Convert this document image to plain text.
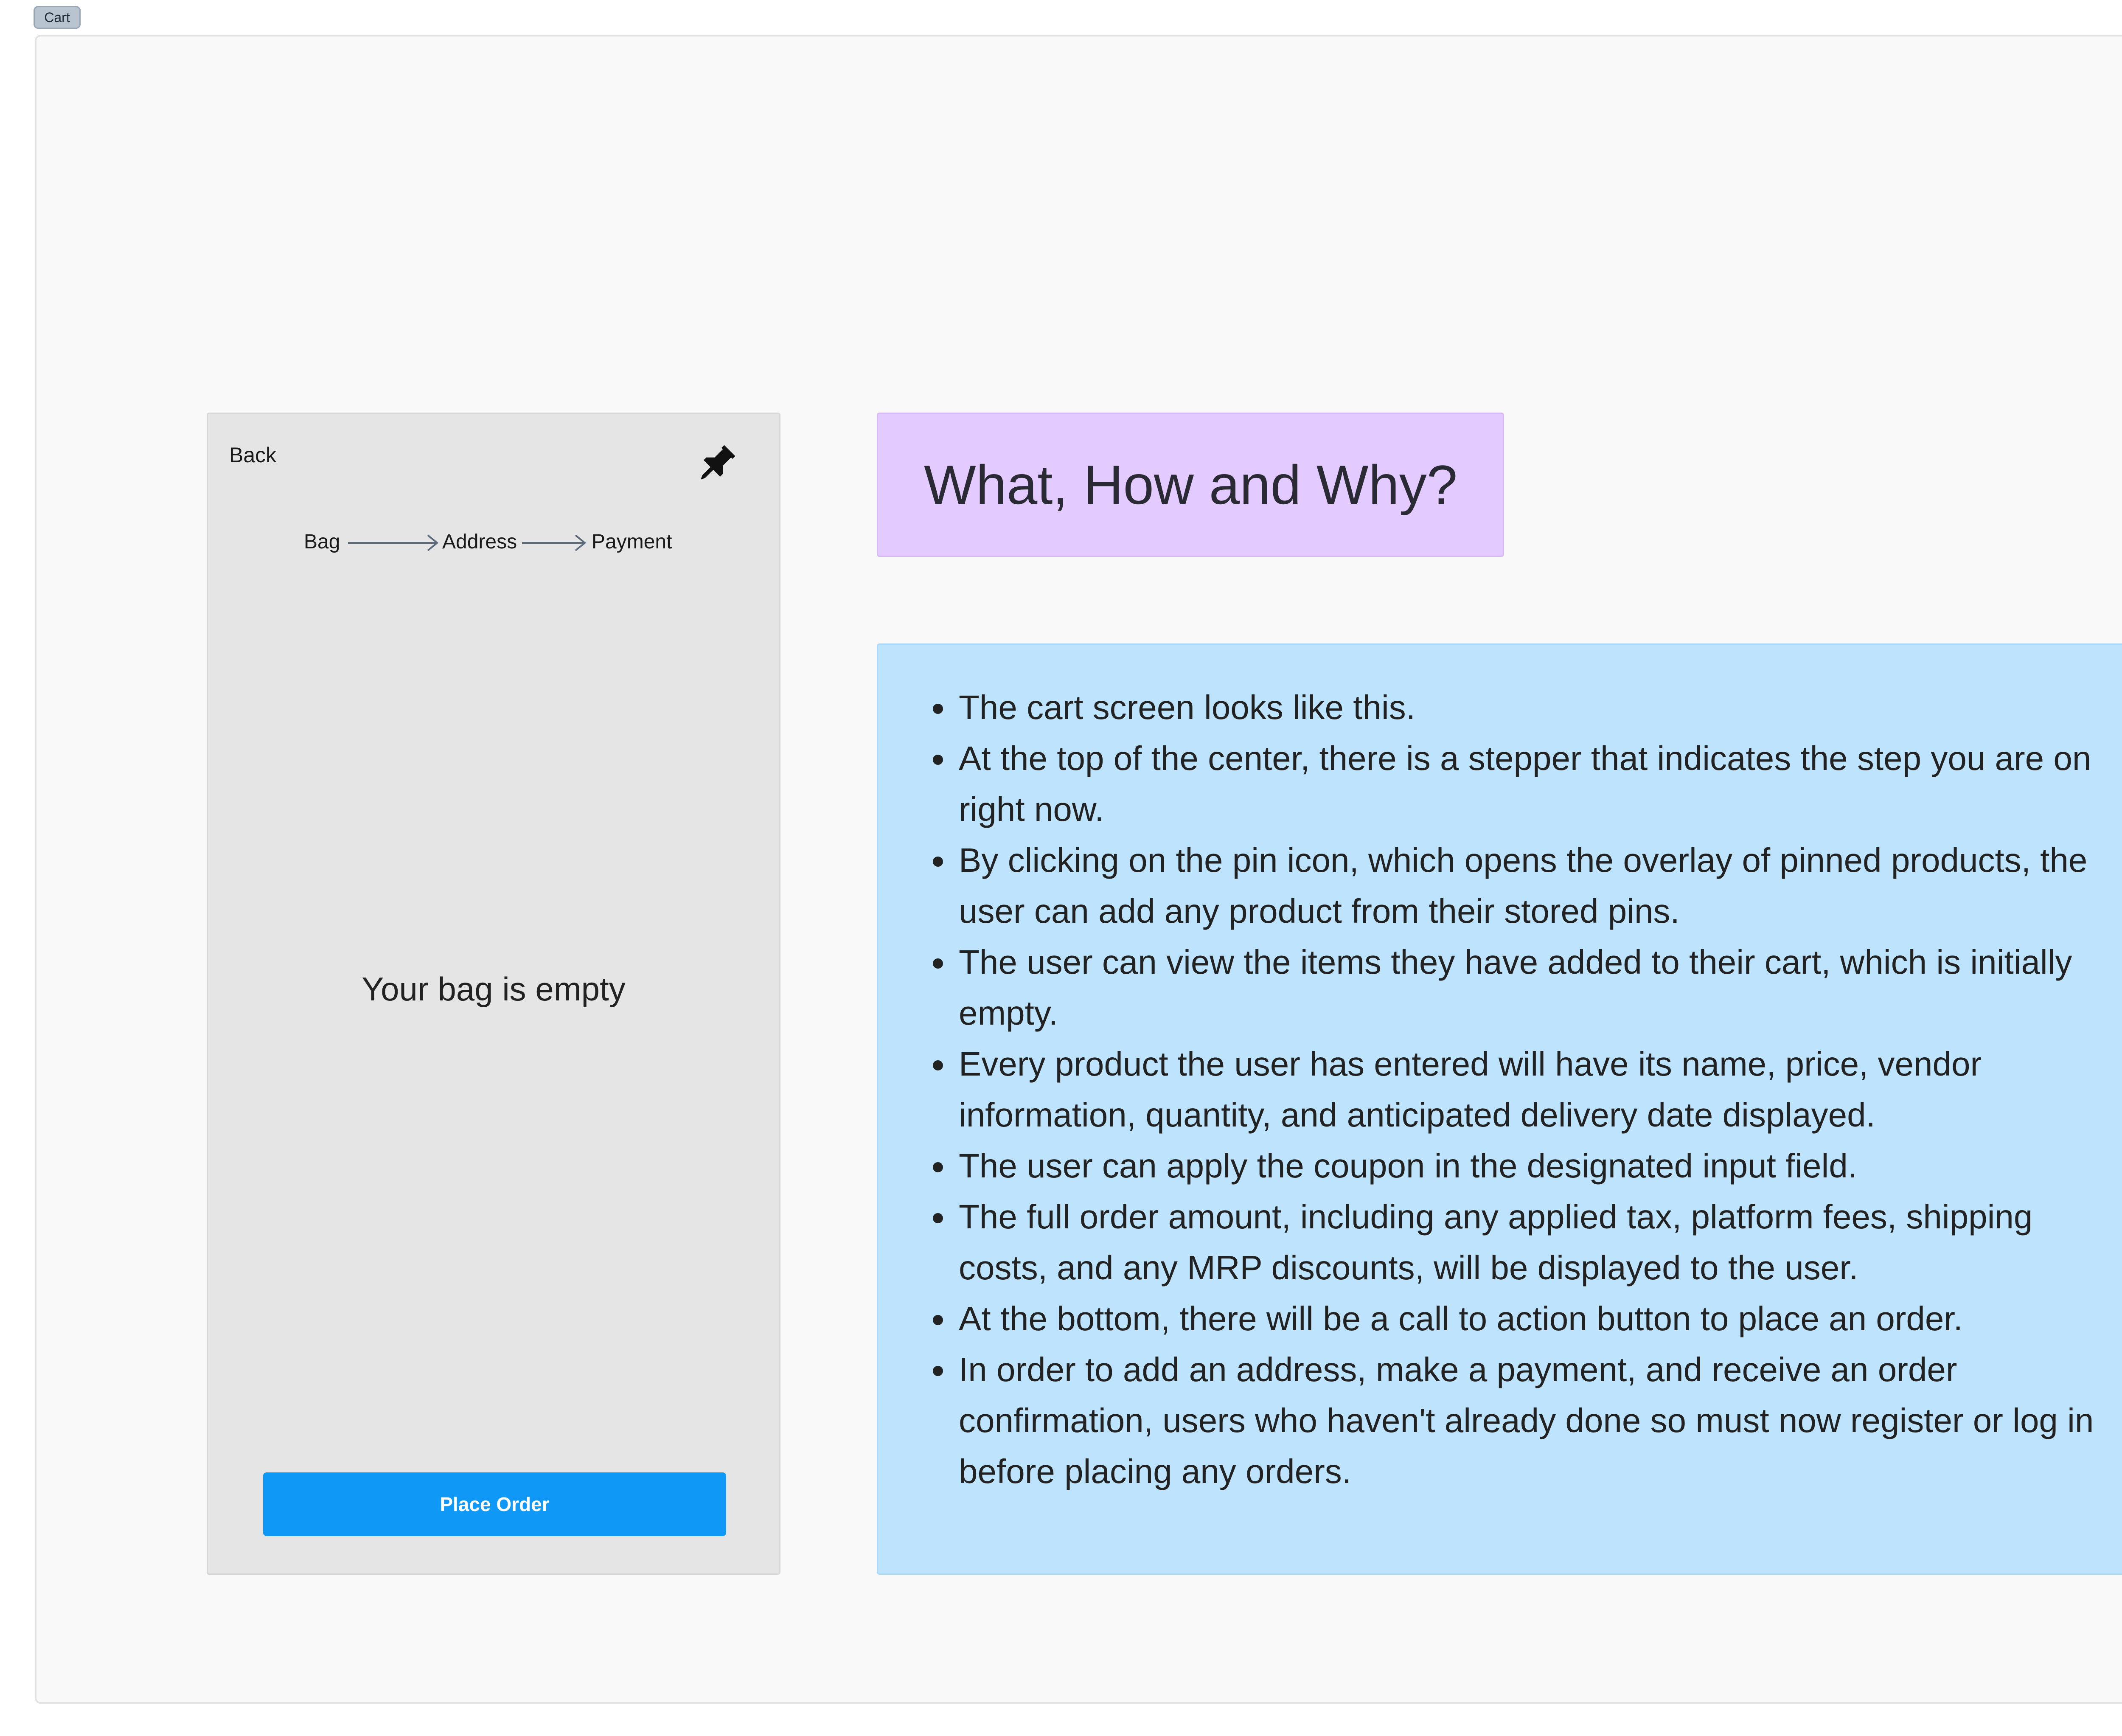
Cart
Back
Bag	Address	Payment
Your bag is empty
Place Order
What, How and Why?
• The cart screen looks like this.
• At the top of the center, there is a stepper that indicates the step you are on right now.
• By clicking on the pin icon, which opens the overlay of pinned products, the user can add any product from their stored pins.
• The user can view the items they have added to their cart, which is initially empty.
• Every product the user has entered will have its name, price, vendor information, quantity, and anticipated delivery date displayed.
• The user can apply the coupon in the designated input field.
• The full order amount, including any applied tax, platform fees, shipping costs, and any MRP discounts, will be displayed to the user.
• At the bottom, there will be a call to action button to place an order.
• In order to add an address, make a payment, and receive an order confirmation, users who haven't already done so must now register or log in before placing any orders.
